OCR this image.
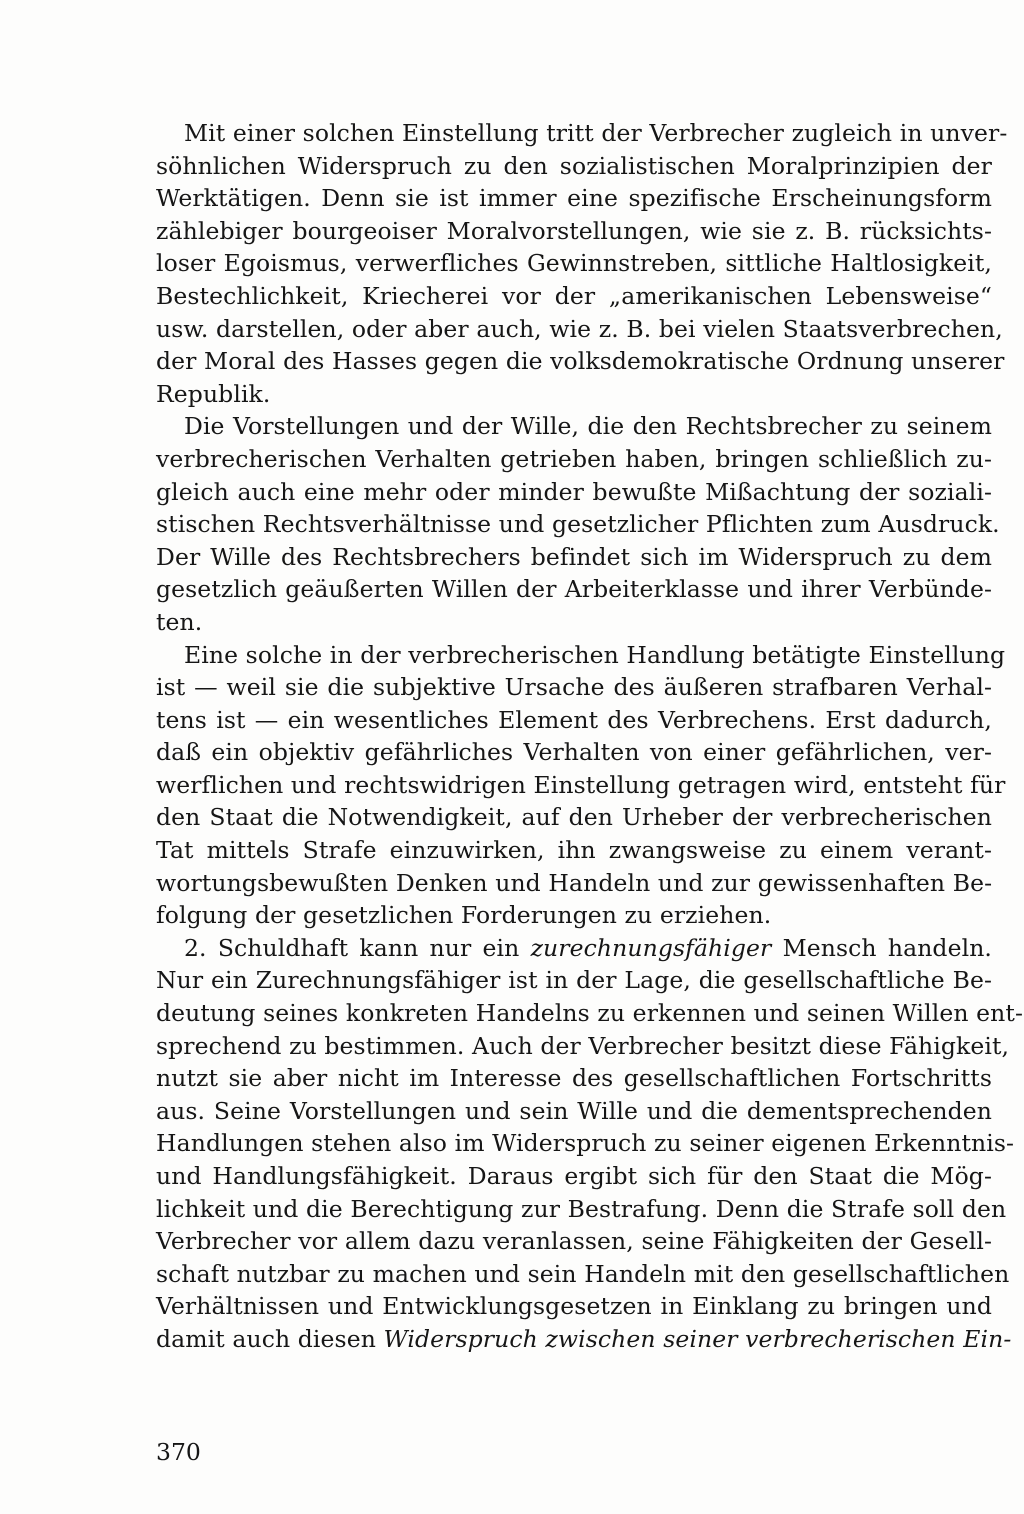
Mit einer solchen Einstellung tritt der Verbrecher zugleich in unver-
söhnlichen Widerspruch zu den sozialistischen Moralprinzipien der
Werktätigen. Denn sie ist immer eine spezifische Erscheinungsform
zählebiger bourgeoiser Moralvorstellungen, wie sie z. B. rücksichts-
loser Egoismus, verwerfliches Gewinnstreben, sittliche Haltlosigkeit,
Bestechlichkeit, Kriecherei vor der „amerikanischen Lebensweise“
usw. darstellen, oder aber auch, wie z. B. bei vielen Staatsverbrechen,
der Moral des Hasses gegen die volksdemokratische Ordnung unserer
Republik.
Die Vorstellungen und der Wille, die den Rechtsbrecher zu seinem
verbrecherischen Verhalten getrieben haben, bringen schließlich zu-
gleich auch eine mehr oder minder bewußte Mißachtung der soziali-
stischen Rechtsverhältnisse und gesetzlicher Pflichten zum Ausdruck.
Der Wille des Rechtsbrechers befindet sich im Widerspruch zu dem
gesetzlich geäußerten Willen der Arbeiterklasse und ihrer Verbünde-
ten.
Eine solche in der verbrecherischen Handlung betätigte Einstellung
ist — weil sie die subjektive Ursache des äußeren strafbaren Verhal-
tens ist — ein wesentliches Element des Verbrechens. Erst dadurch,
daß ein objektiv gefährliches Verhalten von einer gefährlichen, ver-
werflichen und rechtswidrigen Einstellung getragen wird, entsteht für
den Staat die Notwendigkeit, auf den Urheber der verbrecherischen
Tat mittels Strafe einzuwirken, ihn zwangsweise zu einem verant-
wortungsbewußten Denken und Handeln und zur gewissenhaften Be-
folgung der gesetzlichen Forderungen zu erziehen.
2. Schuldhaft kann nur ein zurechnungsfähiger Mensch handeln.
Nur ein Zurechnungsfähiger ist in der Lage, die gesellschaftliche Be-
deutung seines konkreten Handelns zu erkennen und seinen Willen ent-
sprechend zu bestimmen. Auch der Verbrecher besitzt diese Fähigkeit,
nutzt sie aber nicht im Interesse des gesellschaftlichen Fortschritts
aus. Seine Vorstellungen und sein Wille und die dementsprechenden
Handlungen stehen also im Widerspruch zu seiner eigenen Erkenntnis-
und Handlungsfähigkeit. Daraus ergibt sich für den Staat die Mög-
lichkeit und die Berechtigung zur Bestrafung. Denn die Strafe soll den
Verbrecher vor allem dazu veranlassen, seine Fähigkeiten der Gesell-
schaft nutzbar zu machen und sein Handeln mit den gesellschaftlichen
Verhältnissen und Entwicklungsgesetzen in Einklang zu bringen und
damit auch diesen Widerspruch zwischen seiner verbrecherischen Ein-
370
